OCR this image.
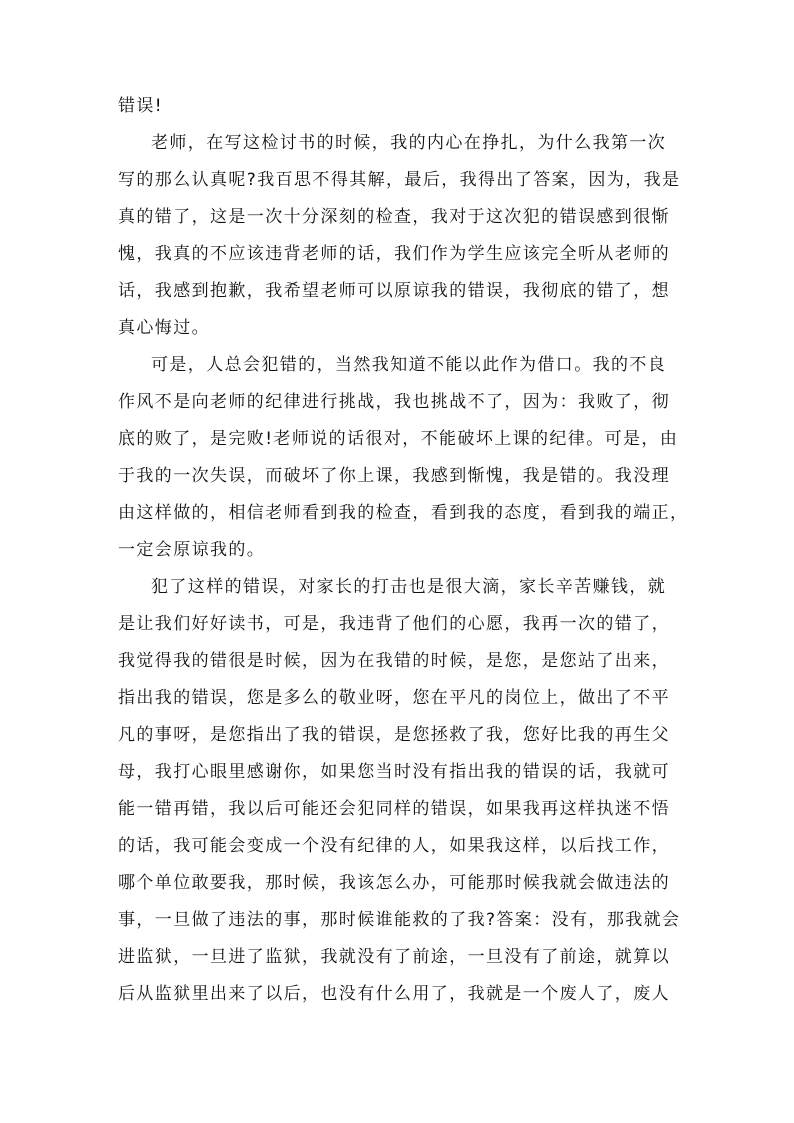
错误!
老师，在写这检讨书的时候，我的内心在挣扎，为什么我第一次
写的那么认真呢?我百思不得其解，最后，我得出了答案，因为，我是
真的错了，这是一次十分深刻的检查，我对于这次犯的错误感到很惭
愧，我真的不应该违背老师的话，我们作为学生应该完全听从老师的
话，我感到抱歉，我希望老师可以原谅我的错误，我彻底的错了，想
真心悔过。
可是，人总会犯错的，当然我知道不能以此作为借口。我的不良
作风不是向老师的纪律进行挑战，我也挑战不了，因为：我败了，彻
底的败了，是完败!老师说的话很对，不能破坏上课的纪律。可是，由
于我的一次失误，而破坏了你上课，我感到惭愧，我是错的。我没理
由这样做的，相信老师看到我的检查，看到我的态度，看到我的端正，
一定会原谅我的。
犯了这样的错误，对家长的打击也是很大滴，家长辛苦赚钱，就
是让我们好好读书，可是，我违背了他们的心愿，我再一次的错了，
我觉得我的错很是时候，因为在我错的时候，是您，是您站了出来，
指出我的错误，您是多么的敬业呀，您在平凡的岗位上，做出了不平
凡的事呀，是您指出了我的错误，是您拯救了我，您好比我的再生父
母，我打心眼里感谢你，如果您当时没有指出我的错误的话，我就可
能一错再错，我以后可能还会犯同样的错误，如果我再这样执迷不悟
的话，我可能会变成一个没有纪律的人，如果我这样，以后找工作，
哪个单位敢要我，那时候，我该怎么办，可能那时候我就会做违法的
事，一旦做了违法的事，那时候谁能救的了我?答案：没有，那我就会
进监狱，一旦进了监狱，我就没有了前途，一旦没有了前途，就算以
后从监狱里出来了以后，也没有什么用了，我就是一个废人了，废人
